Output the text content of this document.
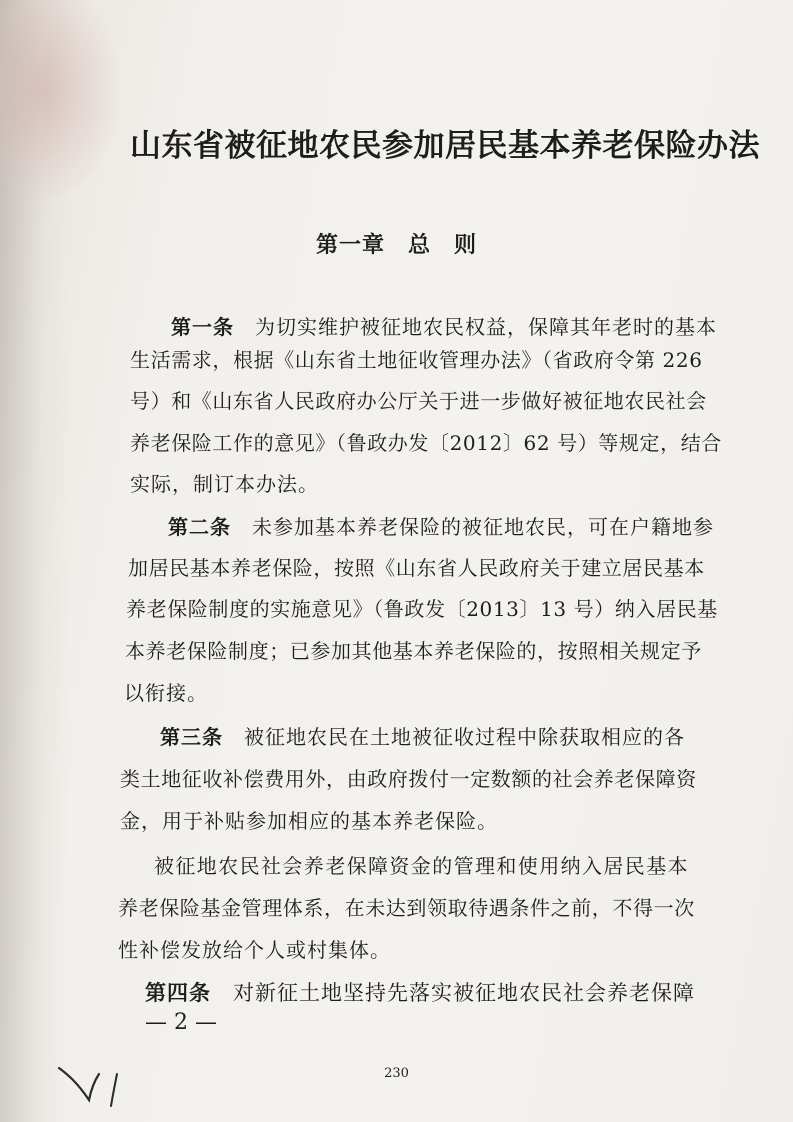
山东省被征地农民参加居民基本养老保险办法
第一章　总　则
第一条　 为切实维护被征地农民权益，保障其年老时的基本
生活需求，根据《山东省土地征收管理办法》（省政府令第 226
号）和《山东省人民政府办公厅关于进一步做好被征地农民社会
养老保险工作的意见》（鲁政办发〔2012〕62 号）等规定，结合
实际，制订本办法。
第二条　 未参加基本养老保险的被征地农民，可在户籍地参
加居民基本养老保险，按照《山东省人民政府关于建立居民基本
养老保险制度的实施意见》（鲁政发〔2013〕13 号）纳入居民基
本养老保险制度；已参加其他基本养老保险的，按照相关规定予
以衔接。
第三条　 被征地农民在土地被征收过程中除获取相应的各
类土地征收补偿费用外，由政府拨付一定数额的社会养老保障资
金，用于补贴参加相应的基本养老保险。
被征地农民社会养老保障资金的管理和使用纳入居民基本
养老保险基金管理体系，在未达到领取待遇条件之前，不得一次
性补偿发放给个人或村集体。
第四条　 对新征土地坚持先落实被征地农民社会养老保障
— 2 —
230
